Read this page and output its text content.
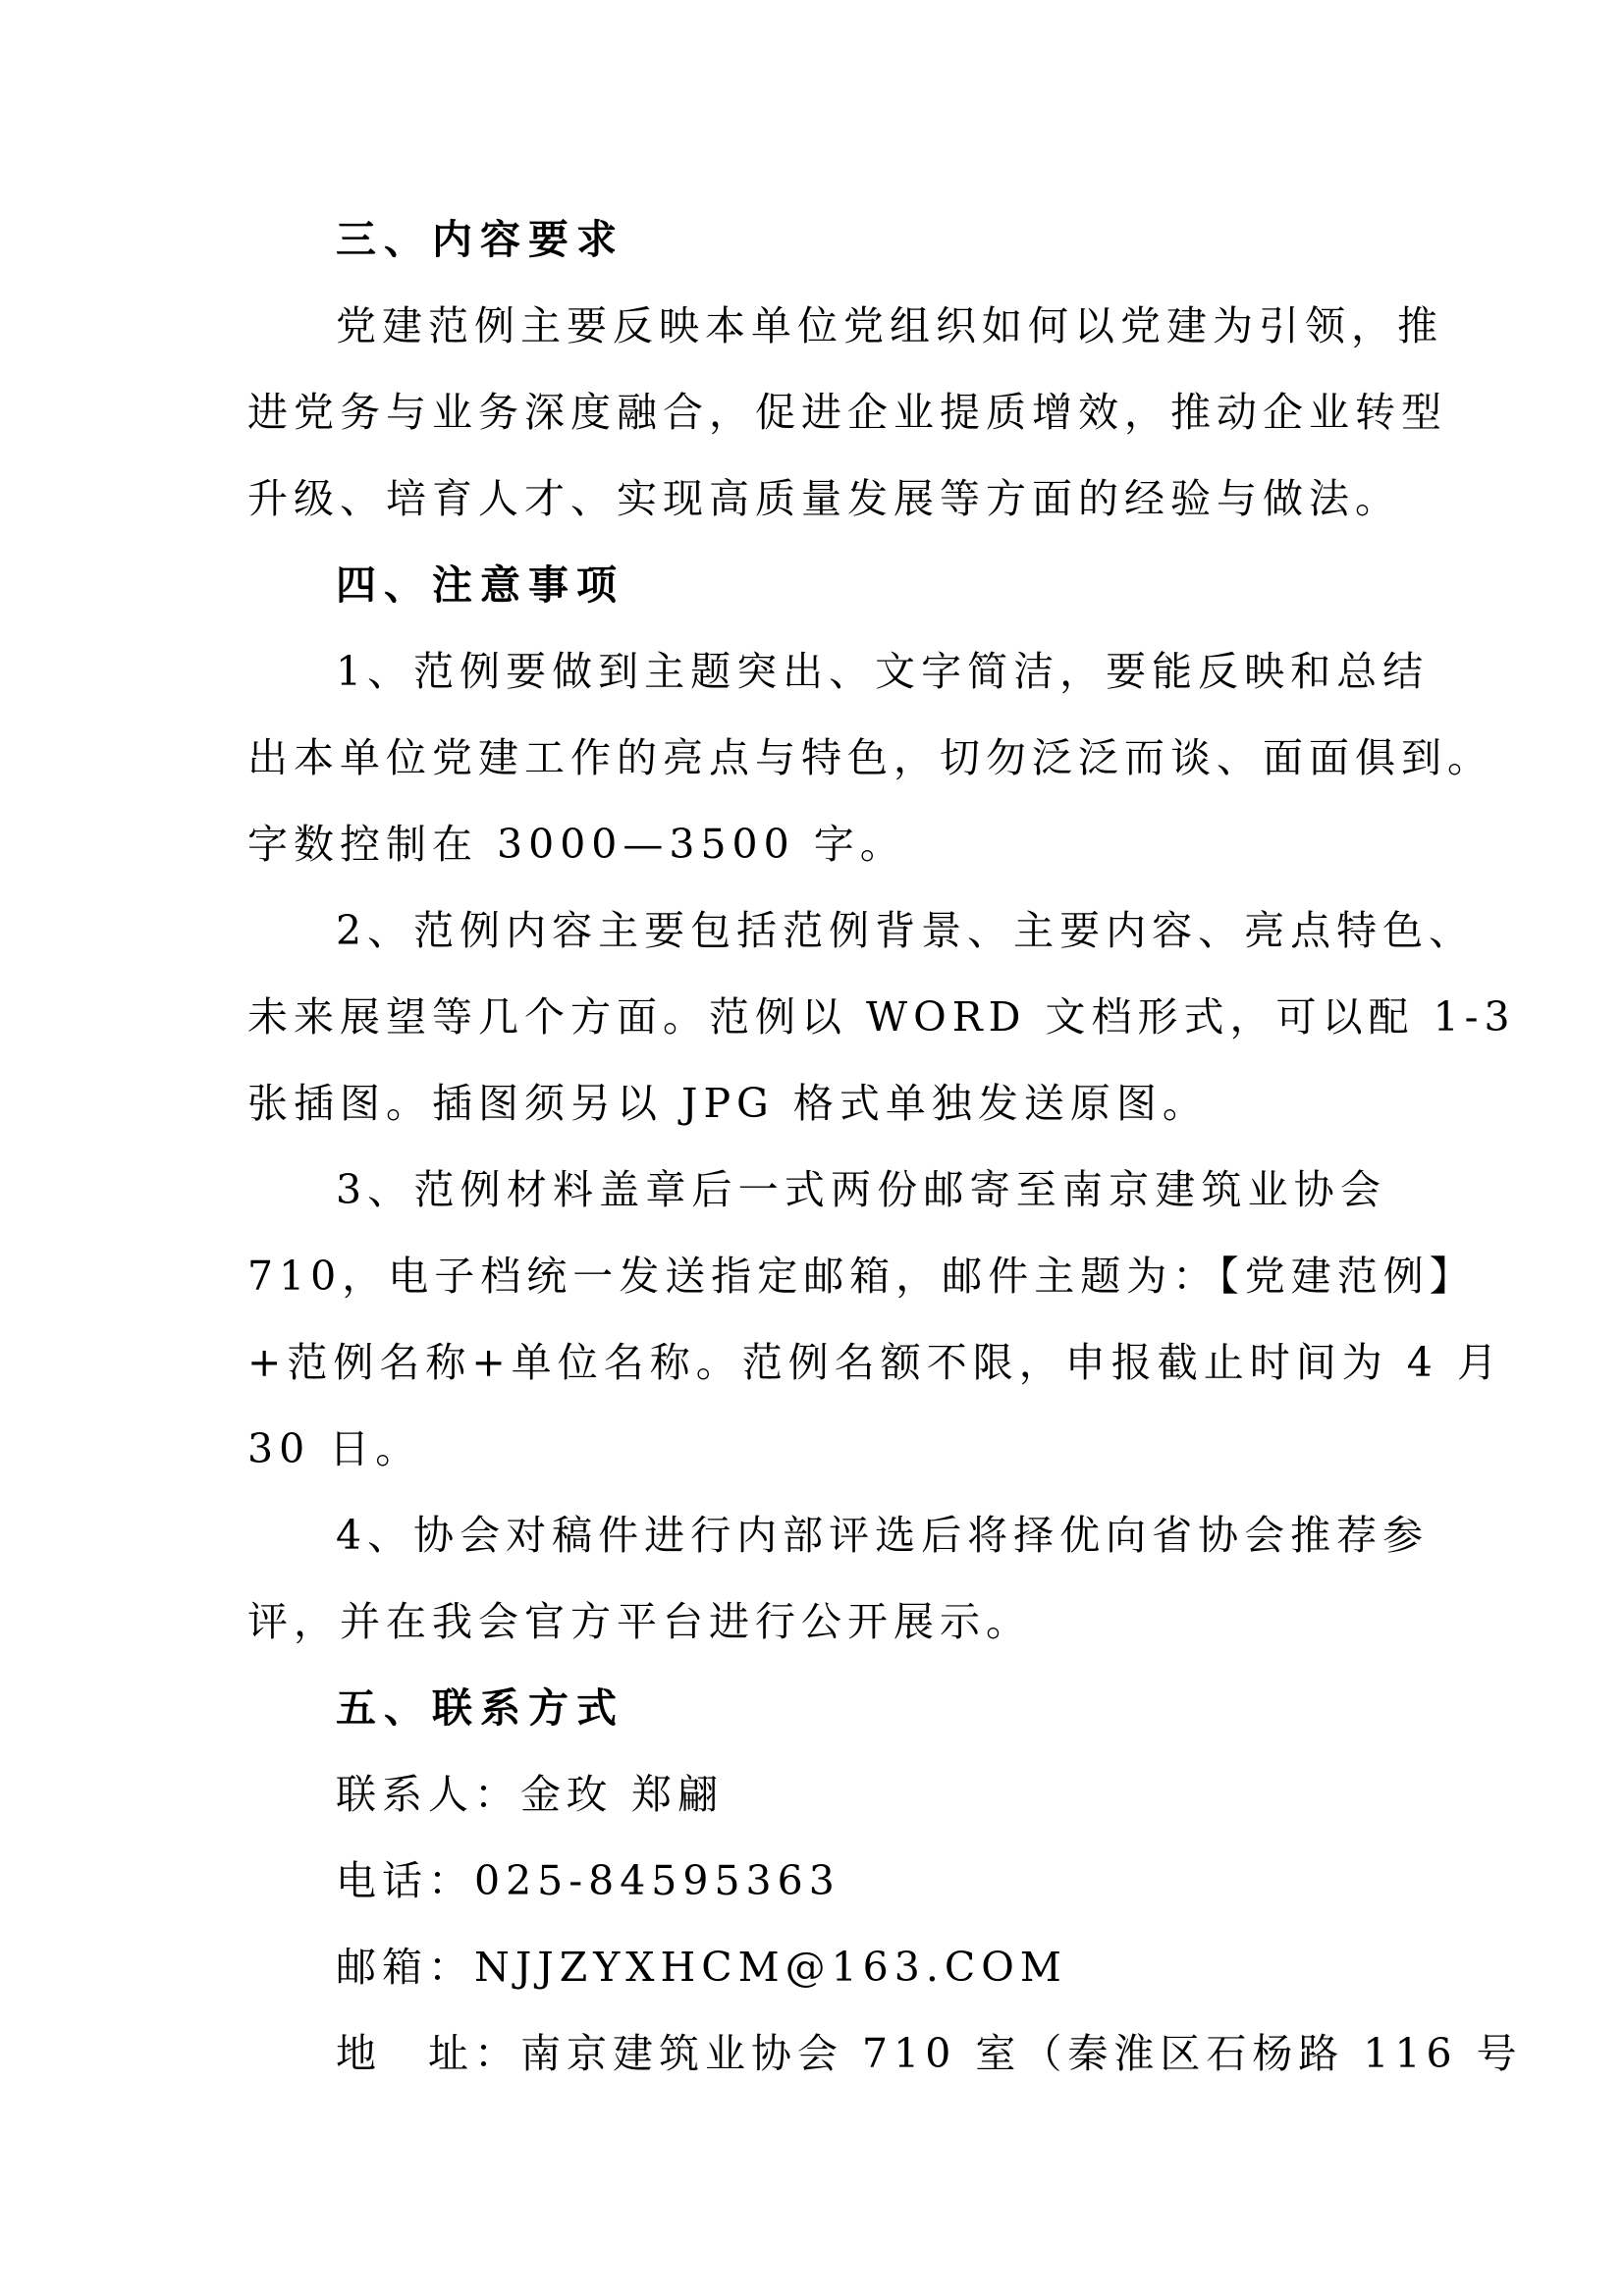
三、内容要求

党建范例主要反映本单位党组织如何以党建为引领，推

进党务与业务深度融合，促进企业提质增效，推动企业转型

升级、培育人才、实现高质量发展等方面的经验与做法。

四、注意事项

1、范例要做到主题突出、文字简洁，要能反映和总结

出本单位党建工作的亮点与特色，切勿泛泛而谈、面面俱到。

字数控制在 3000—3500 字。

2、范例内容主要包括范例背景、主要内容、亮点特色、

未来展望等几个方面。范例以 WORD 文档形式，可以配 1-3

张插图。插图须另以 JPG 格式单独发送原图。

3、范例材料盖章后一式两份邮寄至南京建筑业协会

710，电子档统一发送指定邮箱，邮件主题为：【党建范例】

+范例名称+单位名称。范例名额不限，申报截止时间为 4 月

30 日。

4、协会对稿件进行内部评选后将择优向省协会推荐参

评，并在我会官方平台进行公开展示。

五、联系方式

联系人：金玫 郑翩

电话：025-84595363

邮箱：NJJZYXHCM@163.COM

地　址：南京建筑业协会 710 室（秦淮区石杨路 116 号
